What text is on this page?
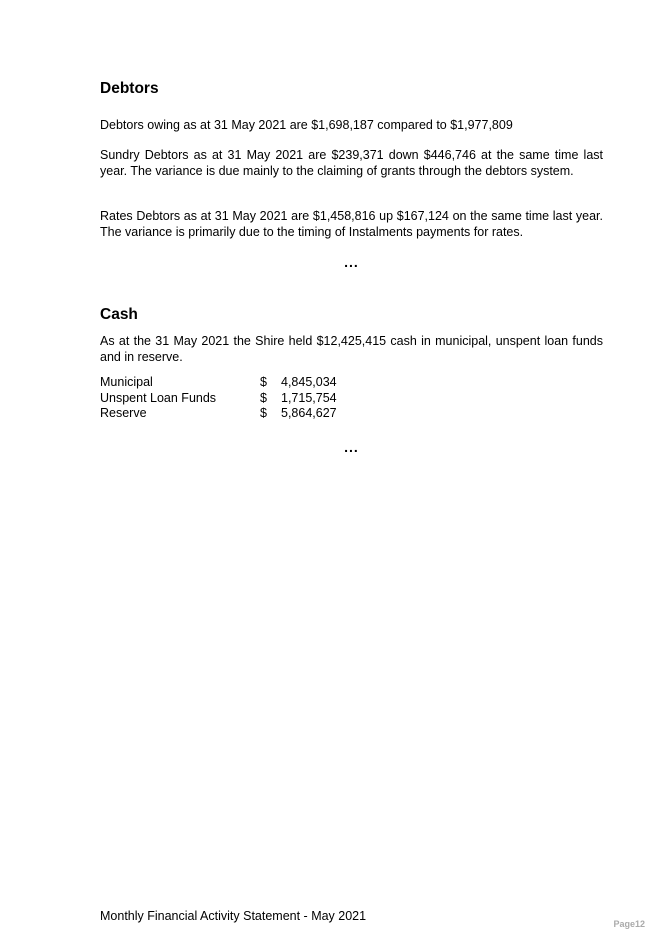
Debtors

Debtors owing as at 31 May 2021 are $1,698,187 compared to $1,977,809

Sundry Debtors as at 31 May 2021 are $239,371 down $446,746 at the same time last year. The variance is due mainly to the claiming of grants through the debtors system.

Rates Debtors as at 31 May 2021 are $1,458,816 up $167,124 on the same time last year. The variance is primarily due to the timing of Instalments payments for rates.

...
Cash

As at the 31 May 2021 the Shire held $12,425,415 cash in municipal, unspent loan funds and in reserve.

Municipal	$	4,845,034
Unspent Loan Funds	$	1,715,754
Reserve	$	5,864,627
...
Monthly Financial Activity Statement - May 2021
Page12
